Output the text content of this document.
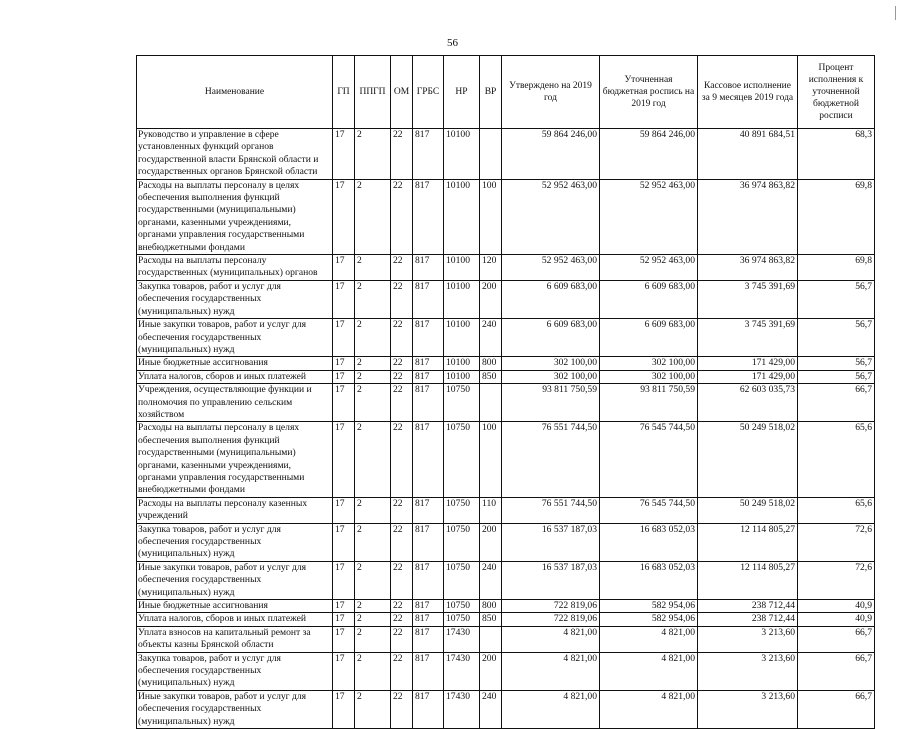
56
Наименование	ГП	ППГП	ОМ	ГРБС	НР	ВР	Утверждено на 2019 год	Уточненная бюджетная роспись на 2019 год	Кассовое исполнение за 9 месяцев 2019 года	Процент исполнения к уточненной бюджетной росписи
Руководство и управление в сфере установленных функций органов государственной власти Брянской области и государственных органов Брянской области	17	2	22	817	10100		59 864 246,00	59 864 246,00	40 891 684,51	68,3
Расходы на выплаты персоналу в целях обеспечения выполнения функций государственными (муниципальными) органами, казенными учреждениями, органами управления государственными внебюджетными фондами	17	2	22	817	10100	100	52 952 463,00	52 952 463,00	36 974 863,82	69,8
Расходы на выплаты персоналу государственных (муниципальных) органов	17	2	22	817	10100	120	52 952 463,00	52 952 463,00	36 974 863,82	69,8
Закупка товаров, работ и услуг для обеспечения государственных (муниципальных) нужд	17	2	22	817	10100	200	6 609 683,00	6 609 683,00	3 745 391,69	56,7
Иные закупки товаров, работ и услуг для обеспечения государственных (муниципальных) нужд	17	2	22	817	10100	240	6 609 683,00	6 609 683,00	3 745 391,69	56,7
Иные бюджетные ассигнования	17	2	22	817	10100	800	302 100,00	302 100,00	171 429,00	56,7
Уплата налогов, сборов и иных платежей	17	2	22	817	10100	850	302 100,00	302 100,00	171 429,00	56,7
Учреждения, осуществляющие функции и полномочия по управлению сельским хозяйством	17	2	22	817	10750		93 811 750,59	93 811 750,59	62 603 035,73	66,7
Расходы на выплаты персоналу в целях обеспечения выполнения функций государственными (муниципальными) органами, казенными учреждениями, органами управления государственными внебюджетными фондами	17	2	22	817	10750	100	76 551 744,50	76 545 744,50	50 249 518,02	65,6
Расходы на выплаты персоналу казенных учреждений	17	2	22	817	10750	110	76 551 744,50	76 545 744,50	50 249 518,02	65,6
Закупка товаров, работ и услуг для обеспечения государственных (муниципальных) нужд	17	2	22	817	10750	200	16 537 187,03	16 683 052,03	12 114 805,27	72,6
Иные закупки товаров, работ и услуг для обеспечения государственных (муниципальных) нужд	17	2	22	817	10750	240	16 537 187,03	16 683 052,03	12 114 805,27	72,6
Иные бюджетные ассигнования	17	2	22	817	10750	800	722 819,06	582 954,06	238 712,44	40,9
Уплата налогов, сборов и иных платежей	17	2	22	817	10750	850	722 819,06	582 954,06	238 712,44	40,9
Уплата взносов на капитальный ремонт за объекты казны Брянской области	17	2	22	817	17430		4 821,00	4 821,00	3 213,60	66,7
Закупка товаров, работ и услуг для обеспечения государственных (муниципальных) нужд	17	2	22	817	17430	200	4 821,00	4 821,00	3 213,60	66,7
Иные закупки товаров, работ и услуг для обеспечения государственных (муниципальных) нужд	17	2	22	817	17430	240	4 821,00	4 821,00	3 213,60	66,7
